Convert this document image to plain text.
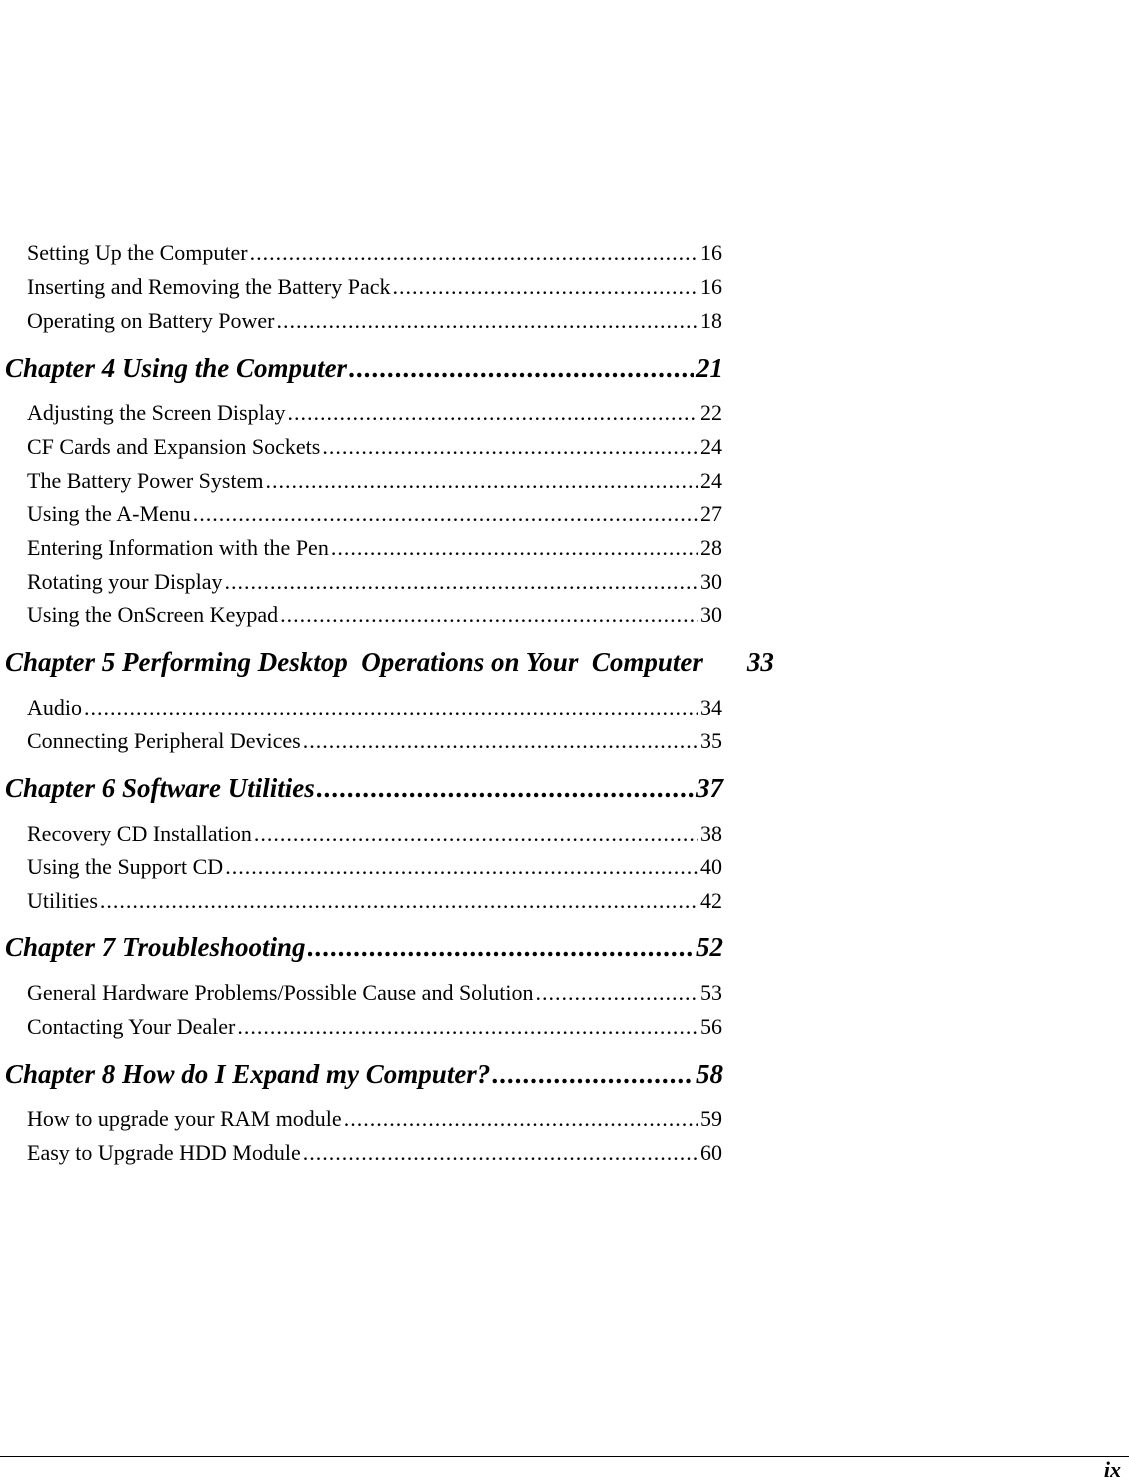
Setting Up the Computer .....	16
Inserting and Removing the Battery Pack .....	16
Operating on Battery Power .....	18
Chapter 4 Using the Computer .....	21
Adjusting the Screen Display .....	22
CF Cards and Expansion Sockets .....	24
The Battery Power System .....	24
Using the A-Menu .....	27
Entering Information with the Pen .....	28
Rotating your Display .....	30
Using the OnScreen Keypad .....	30
Chapter 5 Performing Desktop  Operations on Your  Computer 33
Audio .....	34
Connecting Peripheral Devices .....	35
Chapter 6 Software Utilities .....	37
Recovery CD Installation .....	38
Using the Support CD .....	40
Utilities .....	42
Chapter 7 Troubleshooting .....	52
General Hardware Problems/Possible Cause and Solution .....	53
Contacting Your Dealer .....	56
Chapter 8 How do I Expand my Computer? .....	58
How to upgrade your RAM module .....	59
Easy to Upgrade HDD Module .....	60
ix
